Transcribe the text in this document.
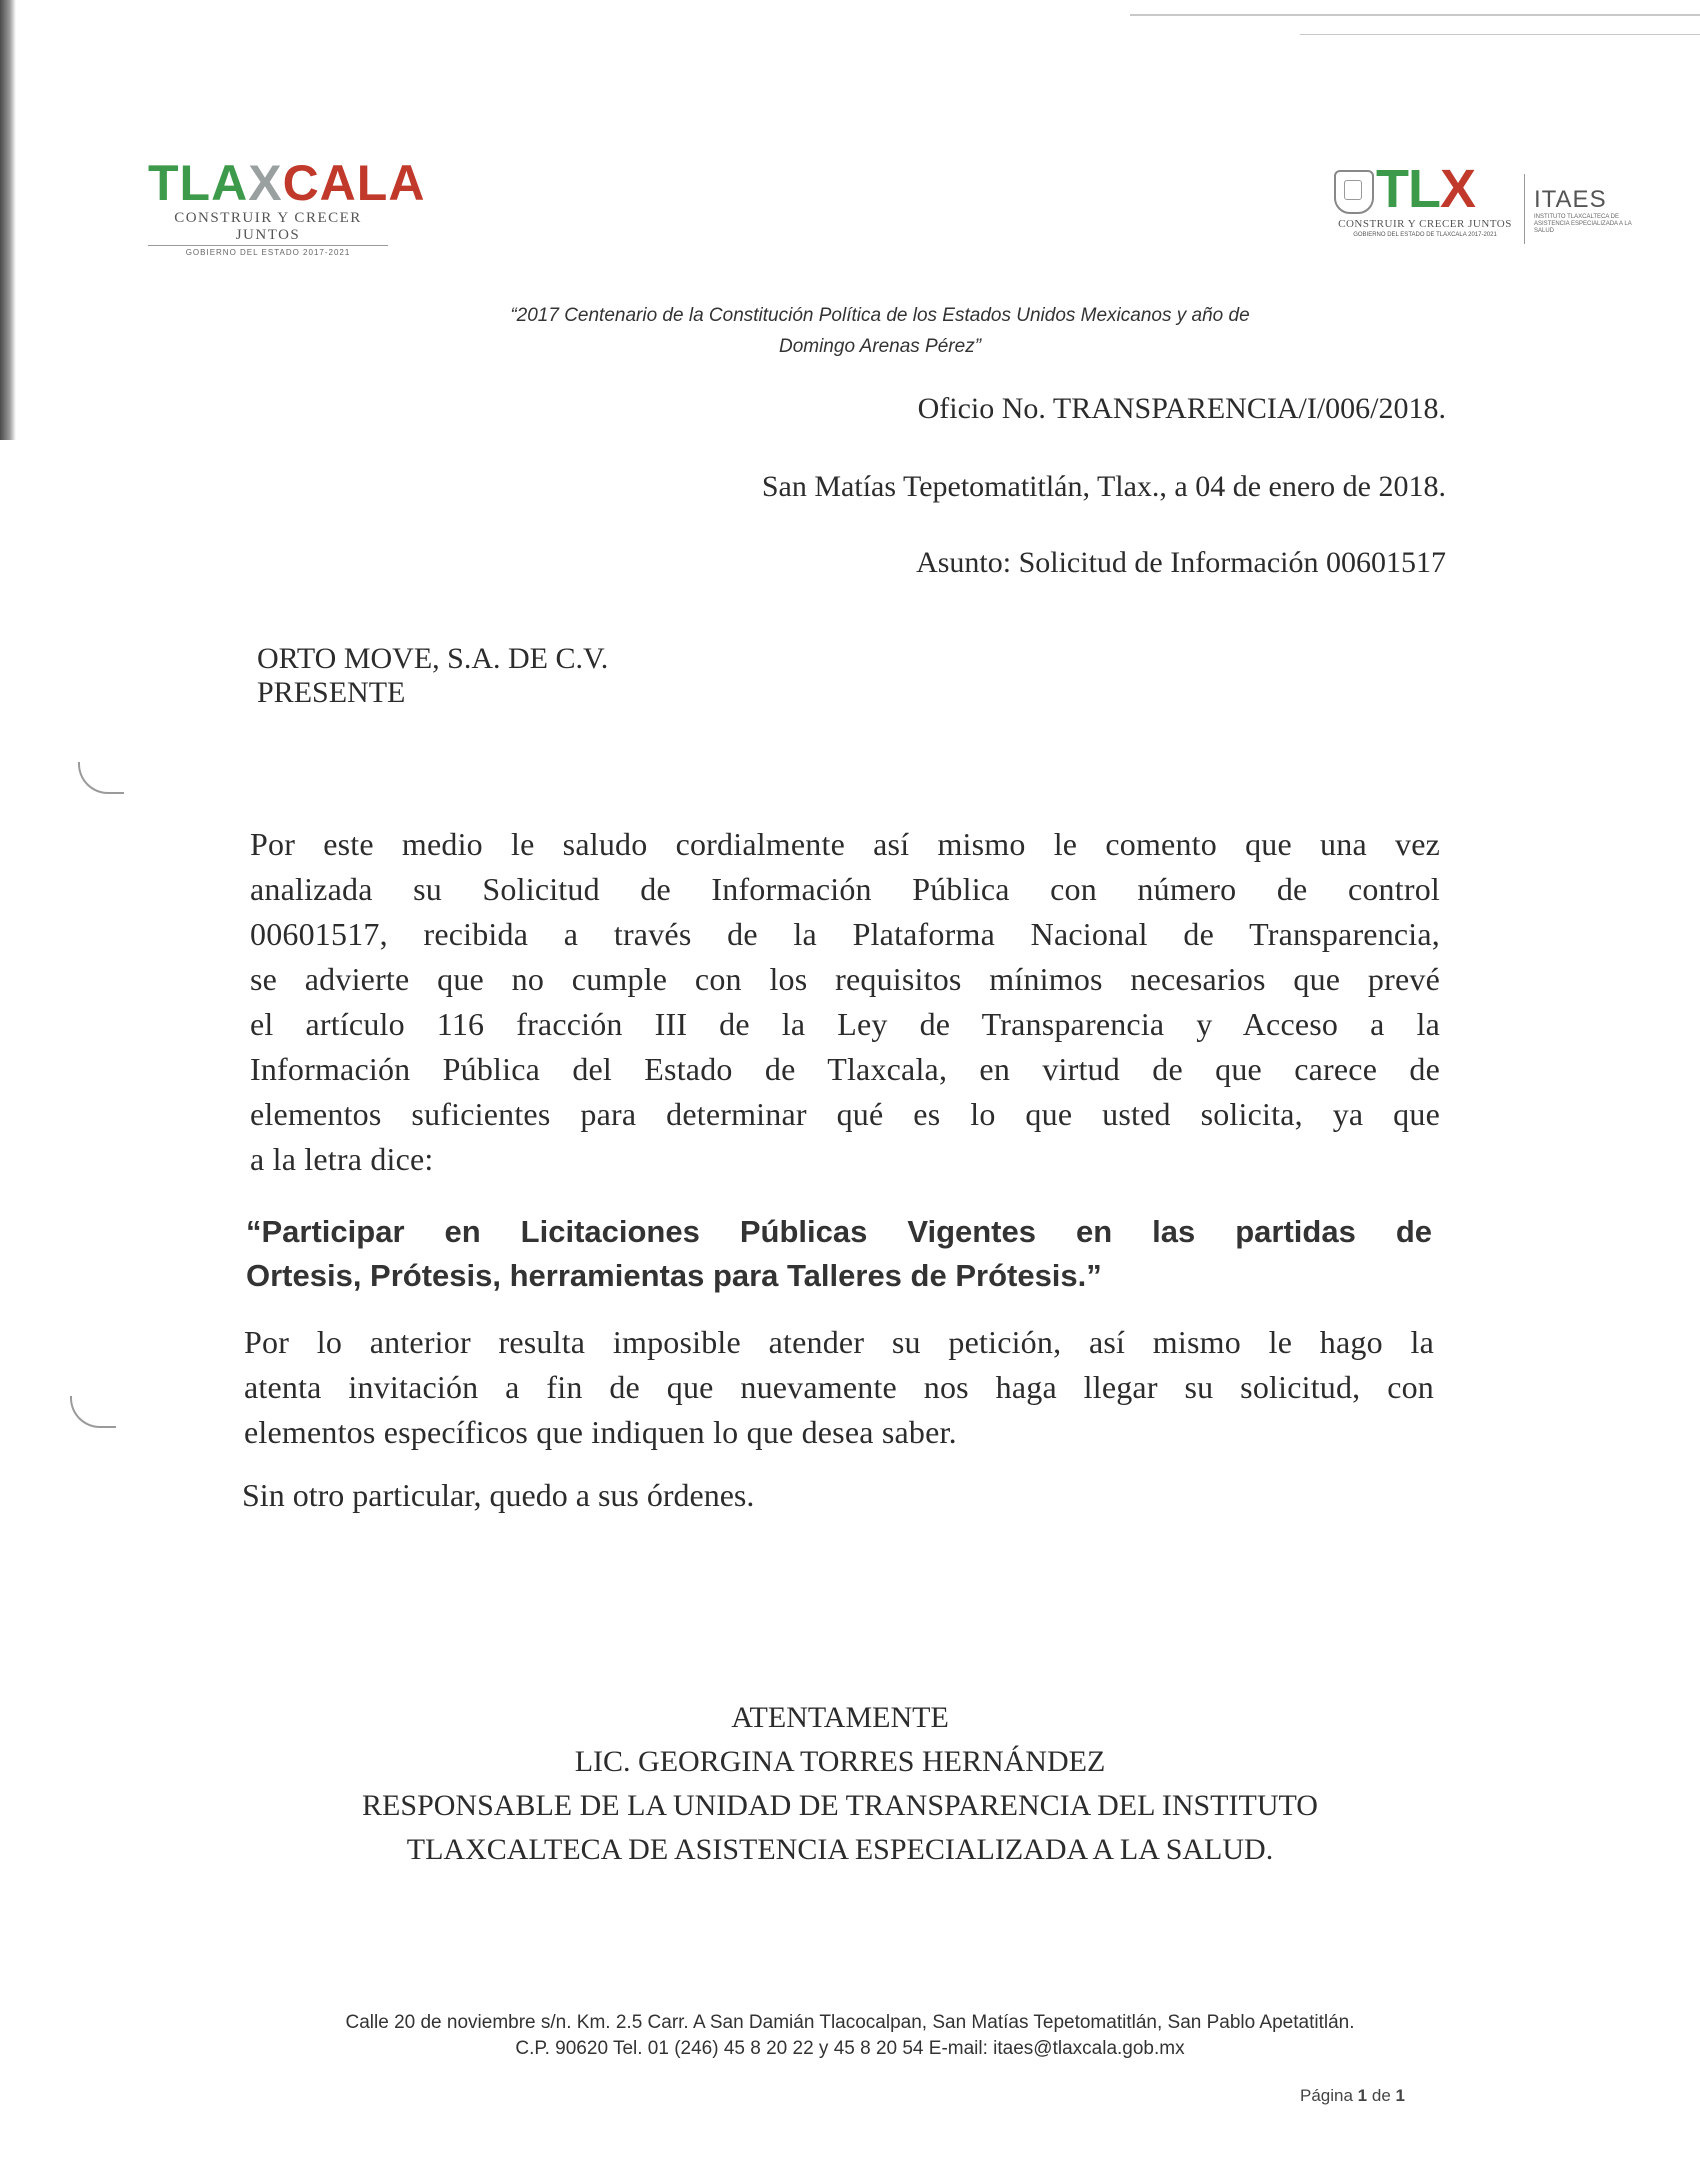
TLAXCALA
CONSTRUIR Y CRECER JUNTOS
GOBIERNO DEL ESTADO 2017-2021
TLX
CONSTRUIR Y CRECER JUNTOS
GOBIERNO DEL ESTADO DE TLAXCALA 2017-2021
ITAES
INSTITUTO TLAXCALTECA DE ASISTENCIA ESPECIALIZADA A LA SALUD
“2017 Centenario de la Constitución Política de los Estados Unidos Mexicanos y año de
Domingo Arenas Pérez”
Oficio No. TRANSPARENCIA/I/006/2018.
San Matías Tepetomatitlán, Tlax., a 04 de enero de 2018.
Asunto: Solicitud de Información 00601517
ORTO MOVE, S.A. DE C.V.
PRESENTE
Por este medio le saludo cordialmente así mismo le comento que una vez
analizada su Solicitud de Información Pública con número de control
00601517, recibida a través de la Plataforma Nacional de Transparencia,
se advierte que no cumple con los requisitos mínimos necesarios que prevé
el artículo 116 fracción III de la Ley de Transparencia y Acceso a la
Información Pública del Estado de Tlaxcala, en virtud de que carece de
elementos suficientes para determinar qué es lo que usted solicita, ya que
a la letra dice:
“Participar en Licitaciones Públicas Vigentes en las partidas de
Ortesis, Prótesis, herramientas para Talleres de Prótesis.”
Por lo anterior resulta imposible atender su petición, así mismo le hago la
atenta invitación a fin de que nuevamente nos haga llegar su solicitud, con
elementos específicos que indiquen lo que desea saber.
Sin otro particular, quedo a sus órdenes.
ATENTAMENTE
LIC. GEORGINA TORRES HERNÁNDEZ
RESPONSABLE DE LA UNIDAD DE TRANSPARENCIA DEL INSTITUTO
TLAXCALTECA DE ASISTENCIA ESPECIALIZADA A LA SALUD.
Calle 20 de noviembre s/n. Km. 2.5 Carr. A San Damián Tlacocalpan, San Matías Tepetomatitlán, San Pablo Apetatitlán.
C.P. 90620 Tel. 01 (246) 45 8 20 22 y 45 8 20 54 E-mail: itaes@tlaxcala.gob.mx
Página 1 de 1
